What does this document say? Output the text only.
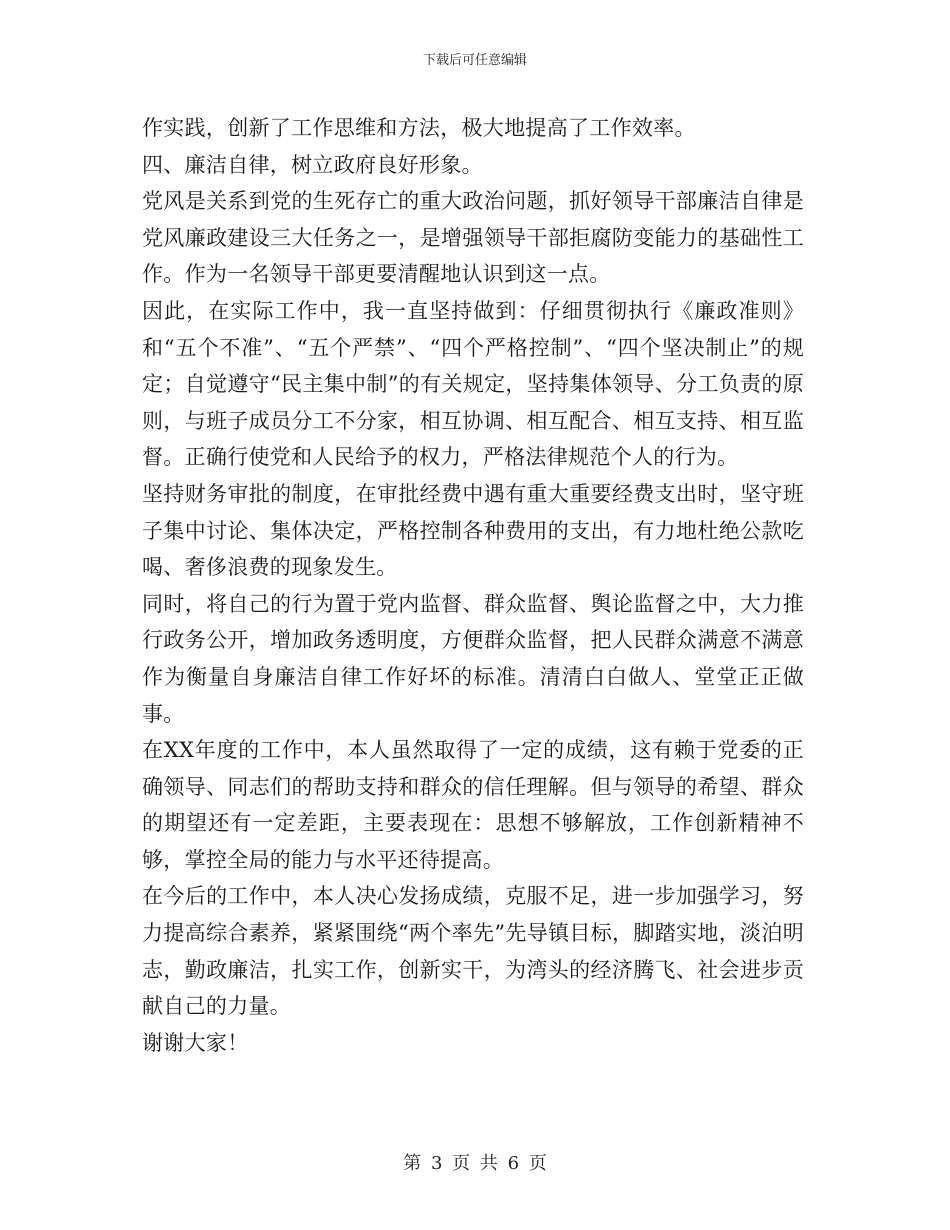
下载后可任意编辑

作实践，创新了工作思维和方法，极大地提高了工作效率。

四、廉洁自律，树立政府良好形象。

党风是关系到党的生死存亡的重大政治问题，抓好领导干部廉洁自律是党风廉政建设三大任务之一，是增强领导干部拒腐防变能力的基础性工作。作为一名领导干部更要清醒地认识到这一点。

因此，在实际工作中，我一直坚持做到：仔细贯彻执行《廉政准则》和“五个不准”、“五个严禁”、“四个严格控制”、“四个坚决制止”的规定；自觉遵守“民主集中制”的有关规定，坚持集体领导、分工负责的原则，与班子成员分工不分家，相互协调、相互配合、相互支持、相互监督。正确行使党和人民给予的权力，严格法律规范个人的行为。

坚持财务审批的制度，在审批经费中遇有重大重要经费支出时，坚守班子集中讨论、集体决定，严格控制各种费用的支出，有力地杜绝公款吃喝、奢侈浪费的现象发生。

同时，将自己的行为置于党内监督、群众监督、舆论监督之中，大力推行政务公开，增加政务透明度，方便群众监督，把人民群众满意不满意作为衡量自身廉洁自律工作好坏的标准。清清白白做人、堂堂正正做事。

在XX年度的工作中，本人虽然取得了一定的成绩，这有赖于党委的正确领导、同志们的帮助支持和群众的信任理解。但与领导的希望、群众的期望还有一定差距，主要表现在：思想不够解放，工作创新精神不够，掌控全局的能力与水平还待提高。

在今后的工作中，本人决心发扬成绩，克服不足，进一步加强学习，努力提高综合素养，紧紧围绕“两个率先”先导镇目标，脚踏实地，淡泊明志，勤政廉洁，扎实工作，创新实干，为湾头的经济腾飞、社会进步贡献自己的力量。

谢谢大家！

第 3 页 共 6 页
